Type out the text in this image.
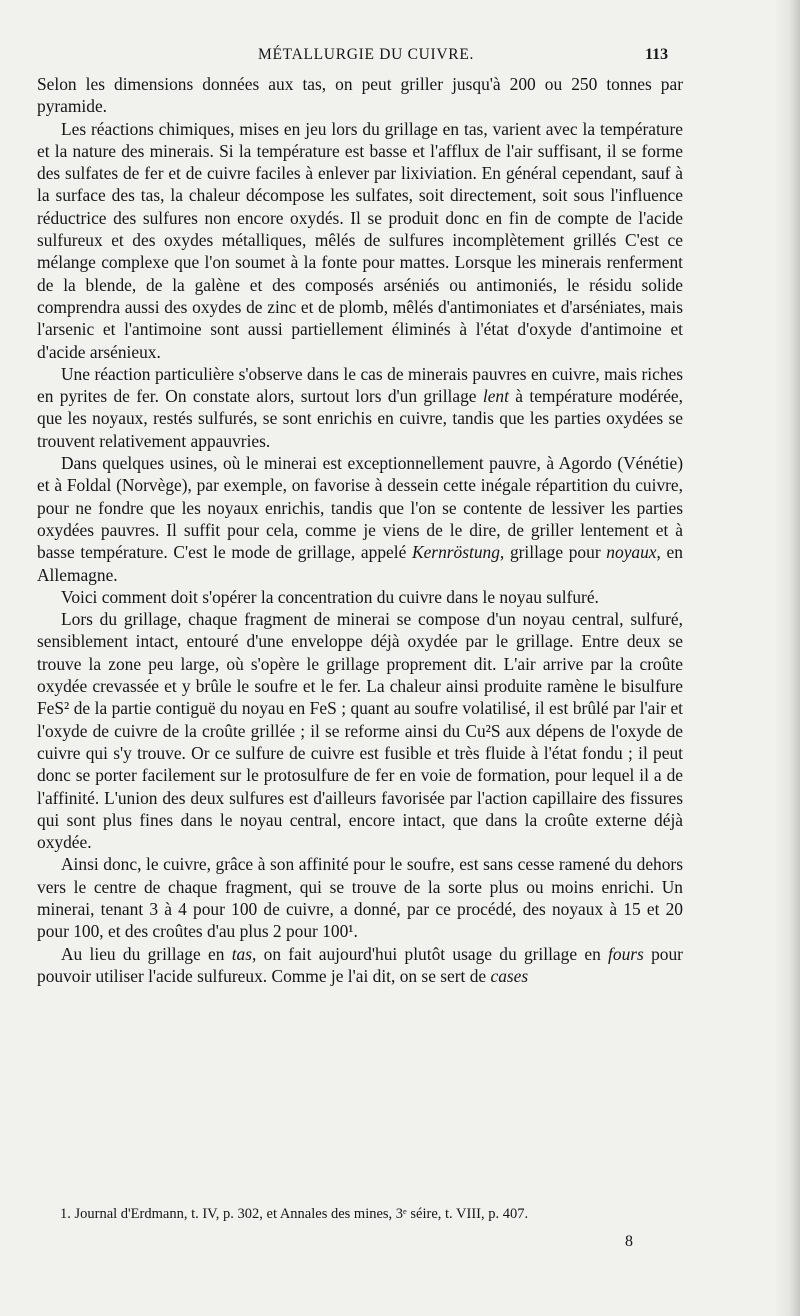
MÉTALLURGIE DU CUIVRE.	113

Selon les dimensions données aux tas, on peut griller jusqu'à 200 ou 250 tonnes par pyramide.

Les réactions chimiques, mises en jeu lors du grillage en tas, varient avec la température et la nature des minerais. Si la température est basse et l'afflux de l'air suffisant, il se forme des sulfates de fer et de cuivre faciles à enlever par lixiviation. En général cependant, sauf à la surface des tas, la chaleur décompose les sulfates, soit directement, soit sous l'influence réductrice des sulfures non encore oxydés. Il se produit donc en fin de compte de l'acide sulfureux et des oxydes métalliques, mêlés de sulfures incomplètement grillés C'est ce mélange complexe que l'on soumet à la fonte pour mattes. Lorsque les minerais renferment de la blende, de la galène et des composés arséniés ou antimoniés, le résidu solide comprendra aussi des oxydes de zinc et de plomb, mêlés d'antimoniates et d'arséniates, mais l'arsenic et l'antimoine sont aussi partiellement éliminés à l'état d'oxyde d'antimoine et d'acide arsénieux.

Une réaction particulière s'observe dans le cas de minerais pauvres en cuivre, mais riches en pyrites de fer. On constate alors, surtout lors d'un grillage lent à température modérée, que les noyaux, restés sulfurés, se sont enrichis en cuivre, tandis que les parties oxydées se trouvent relativement appauvries.

Dans quelques usines, où le minerai est exceptionnellement pauvre, à Agordo (Vénétie) et à Foldal (Norvège), par exemple, on favorise à dessein cette inégale répartition du cuivre, pour ne fondre que les noyaux enrichis, tandis que l'on se contente de lessiver les parties oxydées pauvres. Il suffit pour cela, comme je viens de le dire, de griller lentement et à basse température. C'est le mode de grillage, appelé Kernröstung, grillage pour noyaux, en Allemagne.

Voici comment doit s'opérer la concentration du cuivre dans le noyau sulfuré.

Lors du grillage, chaque fragment de minerai se compose d'un noyau central, sulfuré, sensiblement intact, entouré d'une enveloppe déjà oxydée par le grillage. Entre deux se trouve la zone peu large, où s'opère le grillage proprement dit. L'air arrive par la croûte oxydée crevassée et y brûle le soufre et le fer. La chaleur ainsi produite ramène le bisulfure FeS² de la partie contiguë du noyau en FeS ; quant au soufre volatilisé, il est brûlé par l'air et l'oxyde de cuivre de la croûte grillée ; il se reforme ainsi du Cu²S aux dépens de l'oxyde de cuivre qui s'y trouve. Or ce sulfure de cuivre est fusible et très fluide à l'état fondu ; il peut donc se porter facilement sur le protosulfure de fer en voie de formation, pour lequel il a de l'affinité. L'union des deux sulfures est d'ailleurs favorisée par l'action capillaire des fissures qui sont plus fines dans le noyau central, encore intact, que dans la croûte externe déjà oxydée.

Ainsi donc, le cuivre, grâce à son affinité pour le soufre, est sans cesse ramené du dehors vers le centre de chaque fragment, qui se trouve de la sorte plus ou moins enrichi. Un minerai, tenant 3 à 4 pour 100 de cuivre, a donné, par ce procédé, des noyaux à 15 et 20 pour 100, et des croûtes d'au plus 2 pour 100¹.

Au lieu du grillage en tas, on fait aujourd'hui plutôt usage du grillage en fours pour pouvoir utiliser l'acide sulfureux. Comme je l'ai dit, on se sert de cases

1. Journal d'Erdmann, t. IV, p. 302, et Annales des mines, 3ᵉ séire, t. VIII, p. 407.
8
